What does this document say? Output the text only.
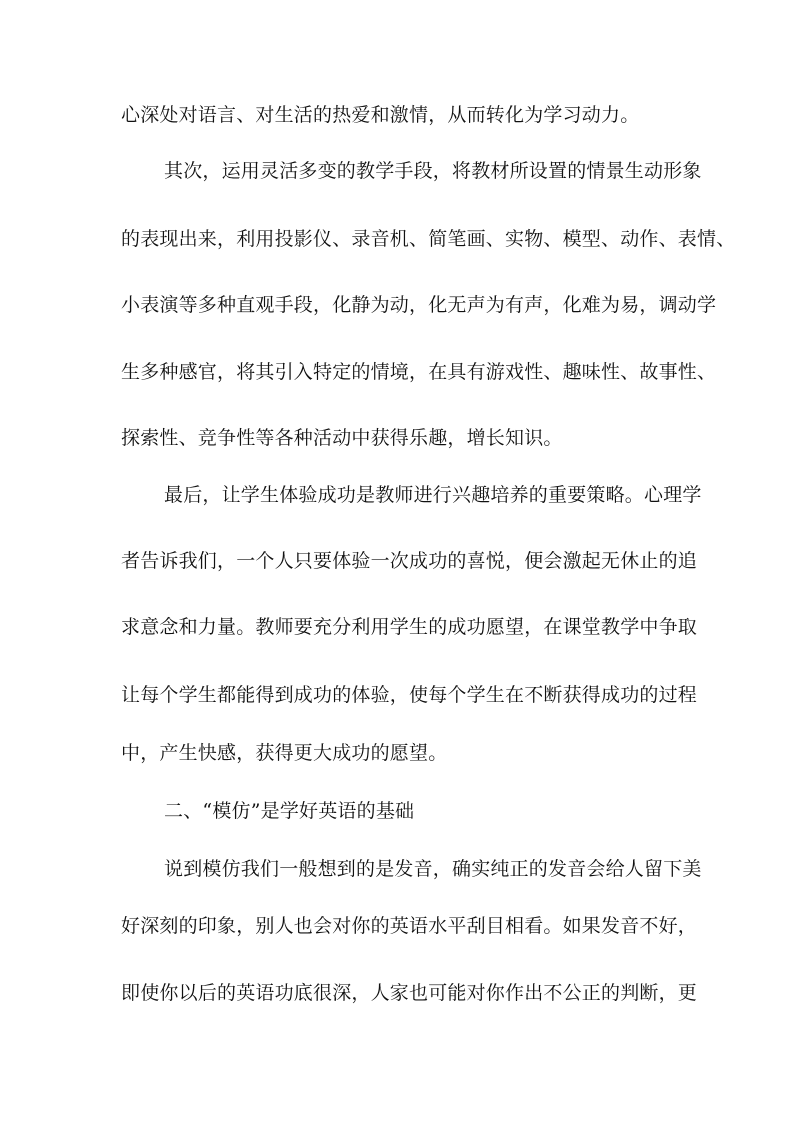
心深处对语言、对生活的热爱和激情，从而转化为学习动力。
其次，运用灵活多变的教学手段，将教材所设置的情景生动形象
的表现出来，利用投影仪、录音机、简笔画、实物、模型、动作、表情、
小表演等多种直观手段，化静为动，化无声为有声，化难为易，调动学
生多种感官，将其引入特定的情境，在具有游戏性、趣味性、故事性、
探索性、竞争性等各种活动中获得乐趣，增长知识。
最后，让学生体验成功是教师进行兴趣培养的重要策略。心理学
者告诉我们，一个人只要体验一次成功的喜悦，便会激起无休止的追
求意念和力量。教师要充分利用学生的成功愿望，在课堂教学中争取
让每个学生都能得到成功的体验，使每个学生在不断获得成功的过程
中，产生快感，获得更大成功的愿望。
二、“模仿”是学好英语的基础
说到模仿我们一般想到的是发音，确实纯正的发音会给人留下美
好深刻的印象，别人也会对你的英语水平刮目相看。如果发音不好，
即使你以后的英语功底很深，人家也可能对你作出不公正的判断，更
